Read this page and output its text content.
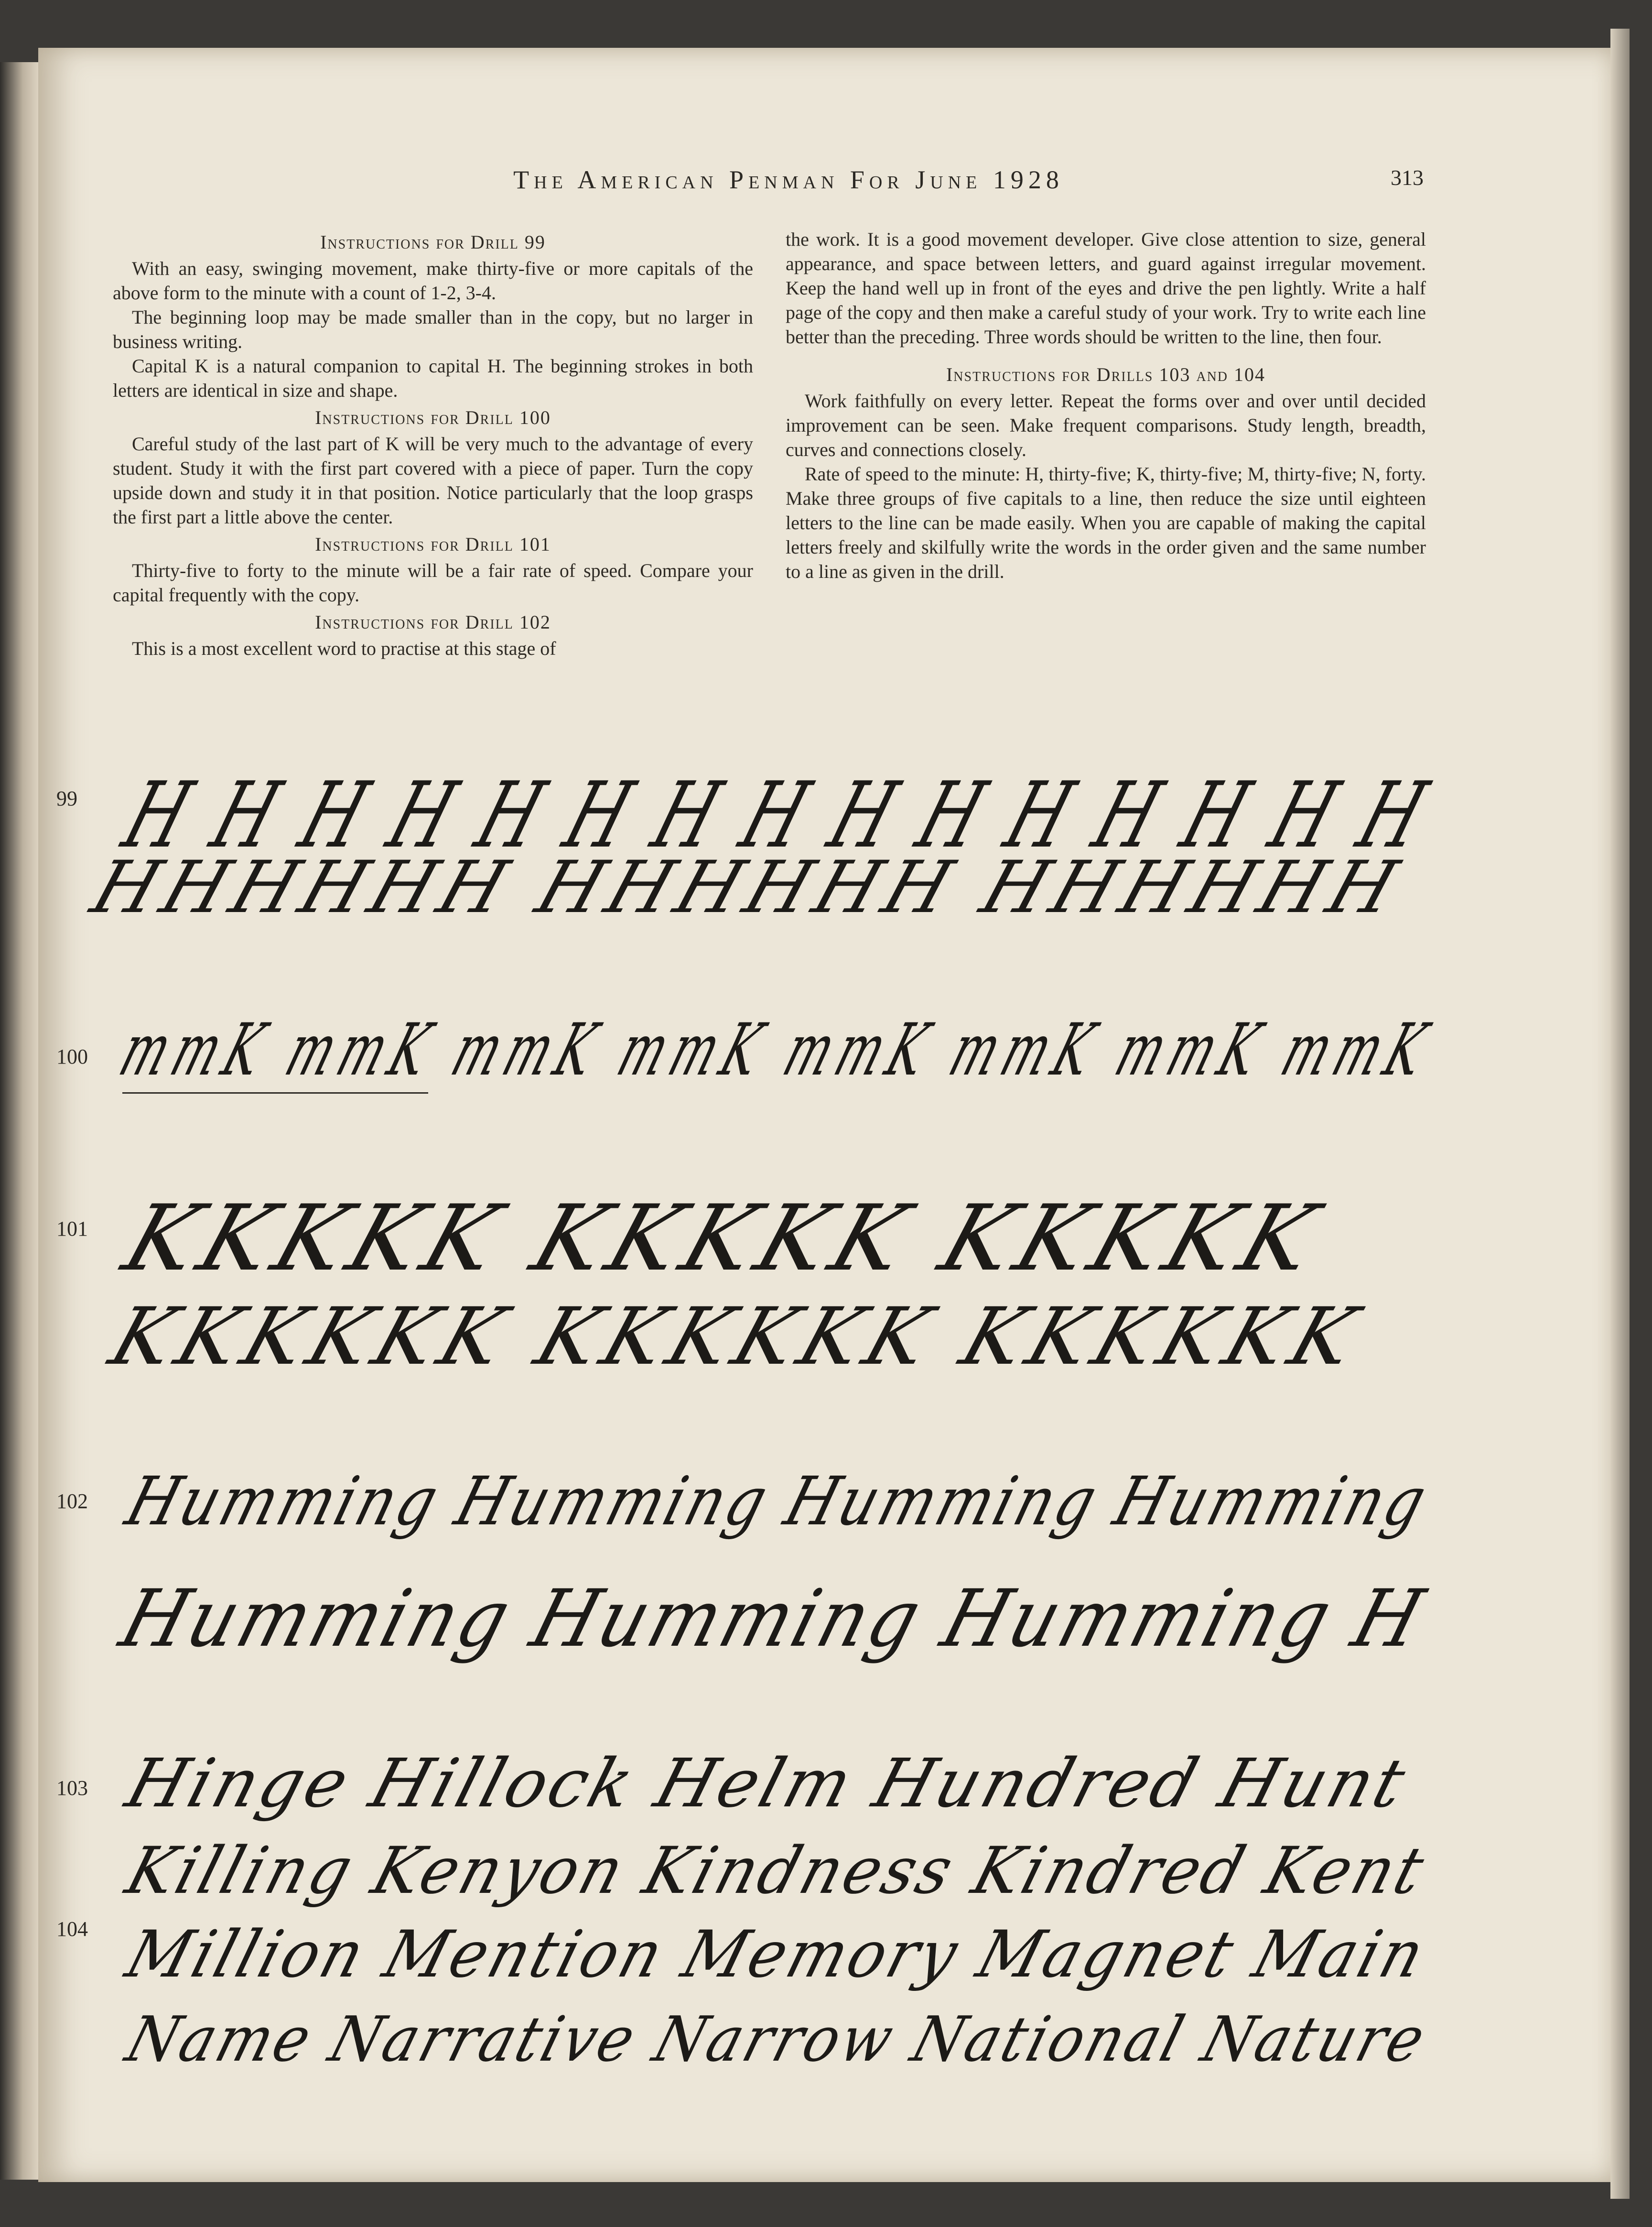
The American Penman For June 1928	313
Instructions for Drill 99

With an easy, swinging movement, make thirty-five or more capitals of the above form to the minute with a count of 1-2, 3-4.

The beginning loop may be made smaller than in the copy, but no larger in business writing.

Capital K is a natural companion to capital H. The beginning strokes in both letters are identical in size and shape.

Instructions for Drill 100

Careful study of the last part of K will be very much to the advantage of every student. Study it with the first part covered with a piece of paper. Turn the copy upside down and study it in that position. Notice particularly that the loop grasps the first part a little above the center.

Instructions for Drill 101

Thirty-five to forty to the minute will be a fair rate of speed. Compare your capital frequently with the copy.

Instructions for Drill 102

This is a most excellent word to practise at this stage of

the work. It is a good movement developer. Give close attention to size, general appearance, and space between letters, and guard against irregular movement. Keep the hand well up in front of the eyes and drive the pen lightly. Write a half page of the copy and then make a careful study of your work. Try to write each line better than the preceding. Three words should be written to the line, then four.

Instructions for Drills 103 and 104

Work faithfully on every letter. Repeat the forms over and over until decided improvement can be seen. Make frequent comparisons. Study length, breadth, curves and connections closely.

Rate of speed to the minute: H, thirty-five; K, thirty-five; M, thirty-five; N, forty. Make three groups of five capitals to a line, then reduce the size until eighteen letters to the line can be made easily. When you are capable of making the capital letters freely and skilfully write the words in the order given and the same number to a line as given in the drill.

99
100
101
102
103
104
H H H H H H H H H H H H H H H
HHHHHH HHHHHH HHHHHH
mmK mmK mmK mmK mmK mmK mmK mmK
KKKKK KKKKK KKKKK
KKKKKK KKKKKK KKKKKK
Humming Humming Humming Humming
Humming Humming Humming H
Hinge Hillock Helm Hundred Hunt
Killing Kenyon Kindness Kindred Kent
Million Mention Memory Magnet Main
Name Narrative Narrow National Nature
